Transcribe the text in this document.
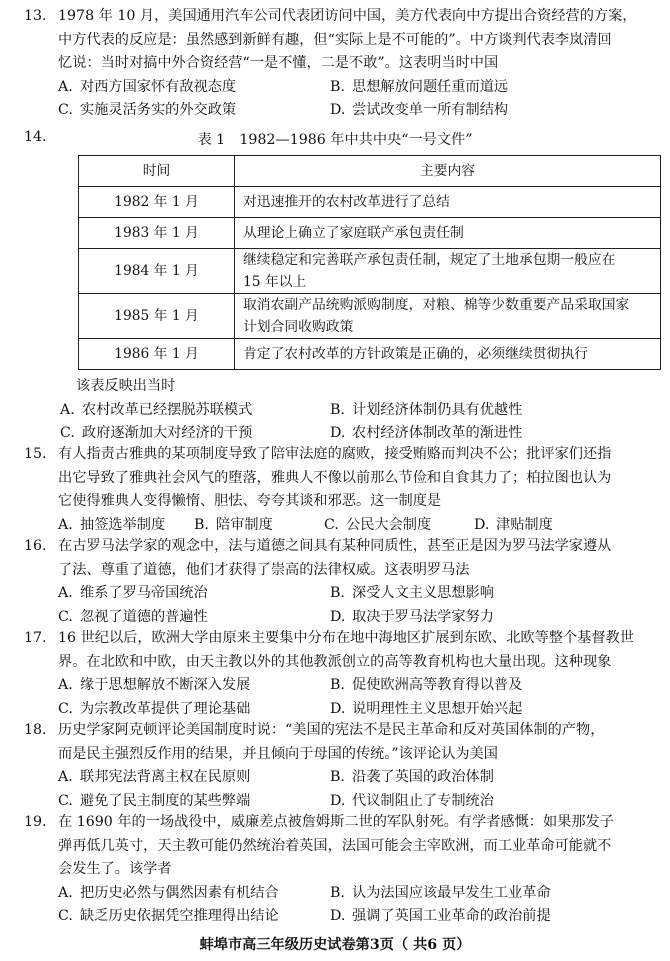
13. 1978 年 10 月，美国通用汽车公司代表团访问中国，美方代表向中方提出合资经营的方案，
中方代表的反应是：虽然感到新鲜有趣，但“实际上是不可能的”。中方谈判代表李岚清回
忆说：当时对搞中外合资经营“一是不懂，二是不敢”。这表明当时中国
A. 对西方国家怀有敌视态度	B. 思想解放问题任重而道远
C. 实施灵活务实的外交政策	D. 尝试改变单一所有制结构
14.	表 1　1982—1986 年中共中央“一号文件”
时间	主要内容
1982 年 1 月	对迅速推开的农村改革进行了总结
1983 年 1 月	从理论上确立了家庭联产承包责任制
1984 年 1 月	继续稳定和完善联产承包责任制，规定了土地承包期一般应在
15 年以上
1985 年 1 月	取消农副产品统购派购制度，对粮、棉等少数重要产品采取国家
计划合同收购政策
1986 年 1 月	肯定了农村改革的方针政策是正确的，必须继续贯彻执行
该表反映出当时
A. 农村改革已经摆脱苏联模式	B. 计划经济体制仍具有优越性
C. 政府逐渐加大对经济的干预	D. 农村经济体制改革的渐进性
15. 有人指责古雅典的某项制度导致了陪审法庭的腐败，接受贿赂而判决不公；批评家们还指
出它导致了雅典社会风气的堕落，雅典人不像以前那么节俭和自食其力了；柏拉图也认为
它使得雅典人变得懒惰、胆怯、夸夸其谈和邪恶。这一制度是
A. 抽签选举制度	B. 陪审制度	C. 公民大会制度	D. 津贴制度
16. 在古罗马法学家的观念中，法与道德之间具有某种同质性，甚至正是因为罗马法学家遵从
了法、尊重了道德，他们才获得了崇高的法律权威。这表明罗马法
A. 维系了罗马帝国统治	B. 深受人文主义思想影响
C. 忽视了道德的普遍性	D. 取决于罗马法学家努力
17. 16 世纪以后，欧洲大学由原来主要集中分布在地中海地区扩展到东欧、北欧等整个基督教世
界。在北欧和中欧，由天主教以外的其他教派创立的高等教育机构也大量出现。这种现象
A. 缘于思想解放不断深入发展	B. 促使欧洲高等教育得以普及
C. 为宗教改革提供了理论基础	D. 说明理性主义思想开始兴起
18. 历史学家阿克顿评论美国制度时说：“美国的宪法不是民主革命和反对英国体制的产物，
而是民主强烈反作用的结果，并且倾向于母国的传统。”该评论认为美国
A. 联邦宪法背离主权在民原则	B. 沿袭了英国的政治体制
C. 避免了民主制度的某些弊端	D. 代议制阻止了专制统治
19. 在 1690 年的一场战役中，威廉差点被詹姆斯二世的军队射死。有学者感慨：如果那发子
弹再低几英寸，天主教可能仍然统治着英国，法国可能会主宰欧洲，而工业革命可能就不
会发生了。该学者
A. 把历史必然与偶然因素有机结合	B. 认为法国应该最早发生工业革命
C. 缺乏历史依据凭空推理得出结论	D. 强调了英国工业革命的政治前提
蚌埠市高三年级历史试卷第3页（ 共6 页）
